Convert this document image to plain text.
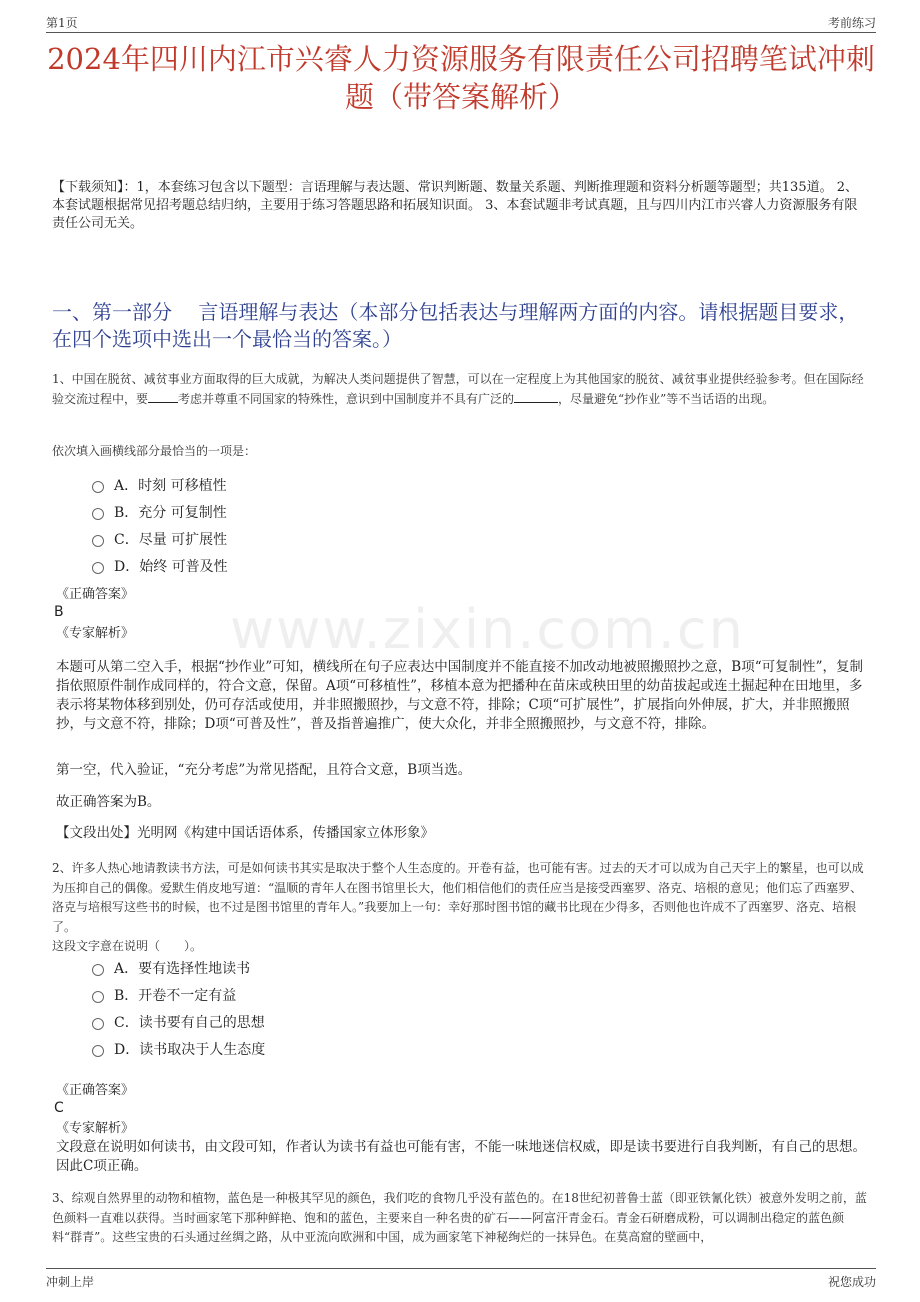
第1页	考前练习
www.zixin.com.cn
2024年四川内江市兴睿人力资源服务有限责任公司招聘笔试冲刺题（带答案解析）
【下载须知】：1，本套练习包含以下题型：言语理解与表达题、常识判断题、数量关系题、判断推理题和资料分析题等题型；共135道。 2、本套试题根据常见招考题总结归纳，主要用于练习答题思路和拓展知识面。 3、本套试题非考试真题，且与四川内江市兴睿人力资源服务有限责任公司无关。
一、第一部分　 言语理解与表达（本部分包括表达与理解两方面的内容。请根据题目要求，在四个选项中选出一个最恰当的答案。）
1、中国在脱贫、减贫事业方面取得的巨大成就，为解决人类问题提供了智慧，可以在一定程度上为其他国家的脱贫、减贫事业提供经验参考。但在国际经验交流过程中，要	考虑并尊重不同国家的特殊性，意识到中国制度并不具有广泛的	，尽量避免“抄作业”等不当话语的出现。
依次填入画横线部分最恰当的一项是：
A．时刻 可移植性
B．充分 可复制性
C．尽量 可扩展性
D．始终 可普及性
《正确答案》
B
《专家解析》
本题可从第二空入手，根据“抄作业”可知，横线所在句子应表达中国制度并不能直接不加改动地被照搬照抄之意，B项“可复制性”，复制指依照原件制作成同样的，符合文意，保留。A项“可移植性”，移植本意为把播种在苗床或秧田里的幼苗拔起或连土掘起种在田地里，多表示将某物体移到别处，仍可存活或使用，并非照搬照抄，与文意不符，排除；C项“可扩展性”，扩展指向外伸展，扩大，并非照搬照抄，与文意不符，排除；D项“可普及性”，普及指普遍推广，使大众化，并非全照搬照抄，与文意不符，排除。
第一空，代入验证，“充分考虑”为常见搭配，且符合文意，B项当选。
故正确答案为B。
【文段出处】光明网《构建中国话语体系，传播国家立体形象》
2、许多人热心地请教读书方法，可是如何读书其实是取决于整个人生态度的。开卷有益，也可能有害。过去的天才可以成为自己天宇上的繁星，也可以成为压抑自己的偶像。爱默生俏皮地写道：“温顺的青年人在图书馆里长大，他们相信他们的责任应当是接受西塞罗、洛克、培根的意见；他们忘了西塞罗、洛克与培根写这些书的时候，也不过是图书馆里的青年人。”我要加上一句：幸好那时图书馆的藏书比现在少得多，否则他也许成不了西塞罗、洛克、培根了。
这段文字意在说明（　　）。
A．要有选择性地读书
B．开卷不一定有益
C．读书要有自己的思想
D．读书取决于人生态度
《正确答案》
C
《专家解析》
文段意在说明如何读书，由文段可知，作者认为读书有益也可能有害，不能一味地迷信权威，即是读书要进行自我判断，有自己的思想。因此C项正确。
3、综观自然界里的动物和植物，蓝色是一种极其罕见的颜色，我们吃的食物几乎没有蓝色的。在18世纪初普鲁士蓝（即亚铁氰化铁）被意外发明之前，蓝色颜料一直难以获得。当时画家笔下那种鲜艳、饱和的蓝色，主要来自一种名贵的矿石——阿富汗青金石。青金石研磨成粉，可以调制出稳定的蓝色颜料“群青”。这些宝贵的石头通过丝绸之路，从中亚流向欧洲和中国，成为画家笔下神秘绚烂的一抹异色。在莫高窟的壁画中，
冲刺上岸	祝您成功
